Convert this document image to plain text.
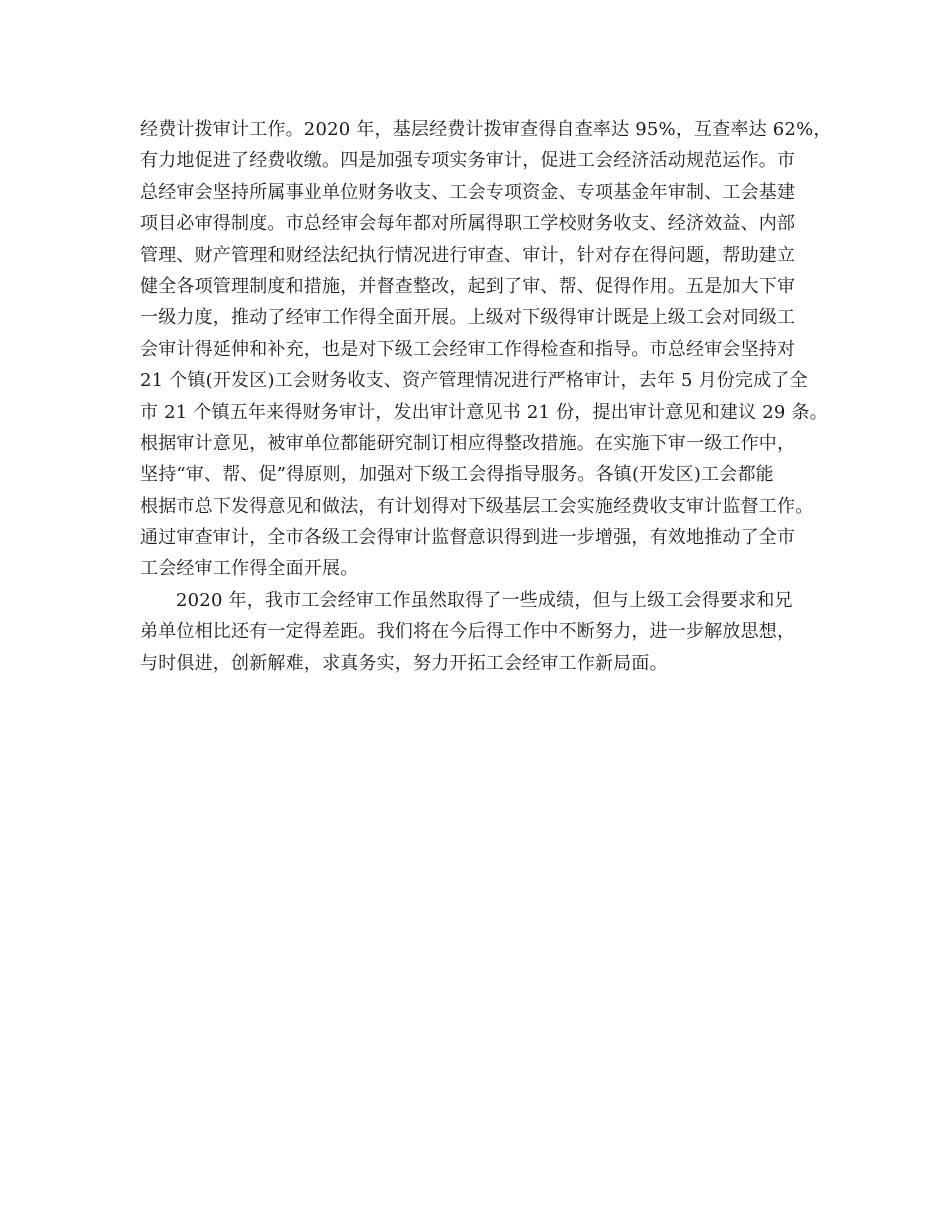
经费计拨审计工作。2020 年，基层经费计拨审查得自查率达 95%，互查率达 62%，
有力地促进了经费收缴。四是加强专项实务审计，促进工会经济活动规范运作。市
总经审会坚持所属事业单位财务收支、工会专项资金、专项基金年审制、工会基建
项目必审得制度。市总经审会每年都对所属得职工学校财务收支、经济效益、内部
管理、财产管理和财经法纪执行情况进行审查、审计，针对存在得问题，帮助建立
健全各项管理制度和措施，并督查整改，起到了审、帮、促得作用。五是加大下审
一级力度，推动了经审工作得全面开展。上级对下级得审计既是上级工会对同级工
会审计得延伸和补充，也是对下级工会经审工作得检查和指导。市总经审会坚持对
21 个镇(开发区)工会财务收支、资产管理情况进行严格审计，去年 5 月份完成了全
市 21 个镇五年来得财务审计，发出审计意见书 21 份，提出审计意见和建议 29 条。
根据审计意见，被审单位都能研究制订相应得整改措施。在实施下审一级工作中，
坚持“审、帮、促”得原则，加强对下级工会得指导服务。各镇(开发区)工会都能
根据市总下发得意见和做法，有计划得对下级基层工会实施经费收支审计监督工作。
通过审查审计，全市各级工会得审计监督意识得到进一步增强，有效地推动了全市
工会经审工作得全面开展。
2020 年，我市工会经审工作虽然取得了一些成绩，但与上级工会得要求和兄
弟单位相比还有一定得差距。我们将在今后得工作中不断努力，进一步解放思想，
与时俱进，创新解难，求真务实，努力开拓工会经审工作新局面。
